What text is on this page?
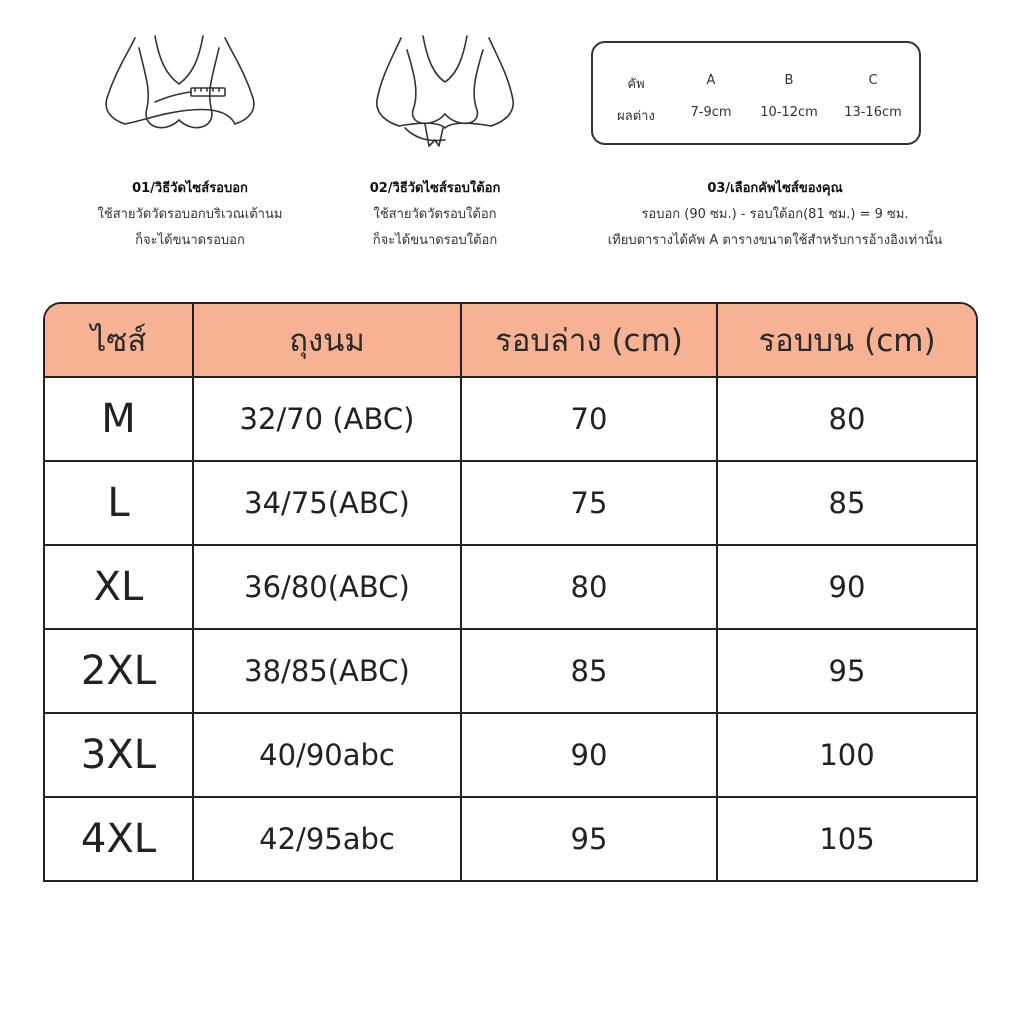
คัพ	A	B	C
ผลต่าง	7-9cm 10-12cm 13-16cm
01/วิธีวัดไซส์รอบอก
ใช้สายวัดวัดรอบอกบริเวณเต้านม
ก็จะได้ขนาดรอบอก
02/วิธีวัดไซส์รอบใต้อก
ใช้สายวัดวัดรอบใต้อก
ก็จะได้ขนาดรอบใต้อก
03/เลือกคัพไซส์ของคุณ
รอบอก (90 ซม.) - รอบใต้อก(81 ซม.) = 9 ซม.
เทียบตารางได้คัพ A ตารางขนาดใช้สำหรับการอ้างอิงเท่านั้น
ไซส์	ถุงนม	รอบล่าง (cm)	รอบบน (cm)
M	32/70 (ABC)	70	80
L	34/75(ABC)	75	85
XL	36/80(ABC)	80	90
2XL	38/85(ABC)	85	95
3XL	40/90abc	90	100
4XL	42/95abc	95	105
